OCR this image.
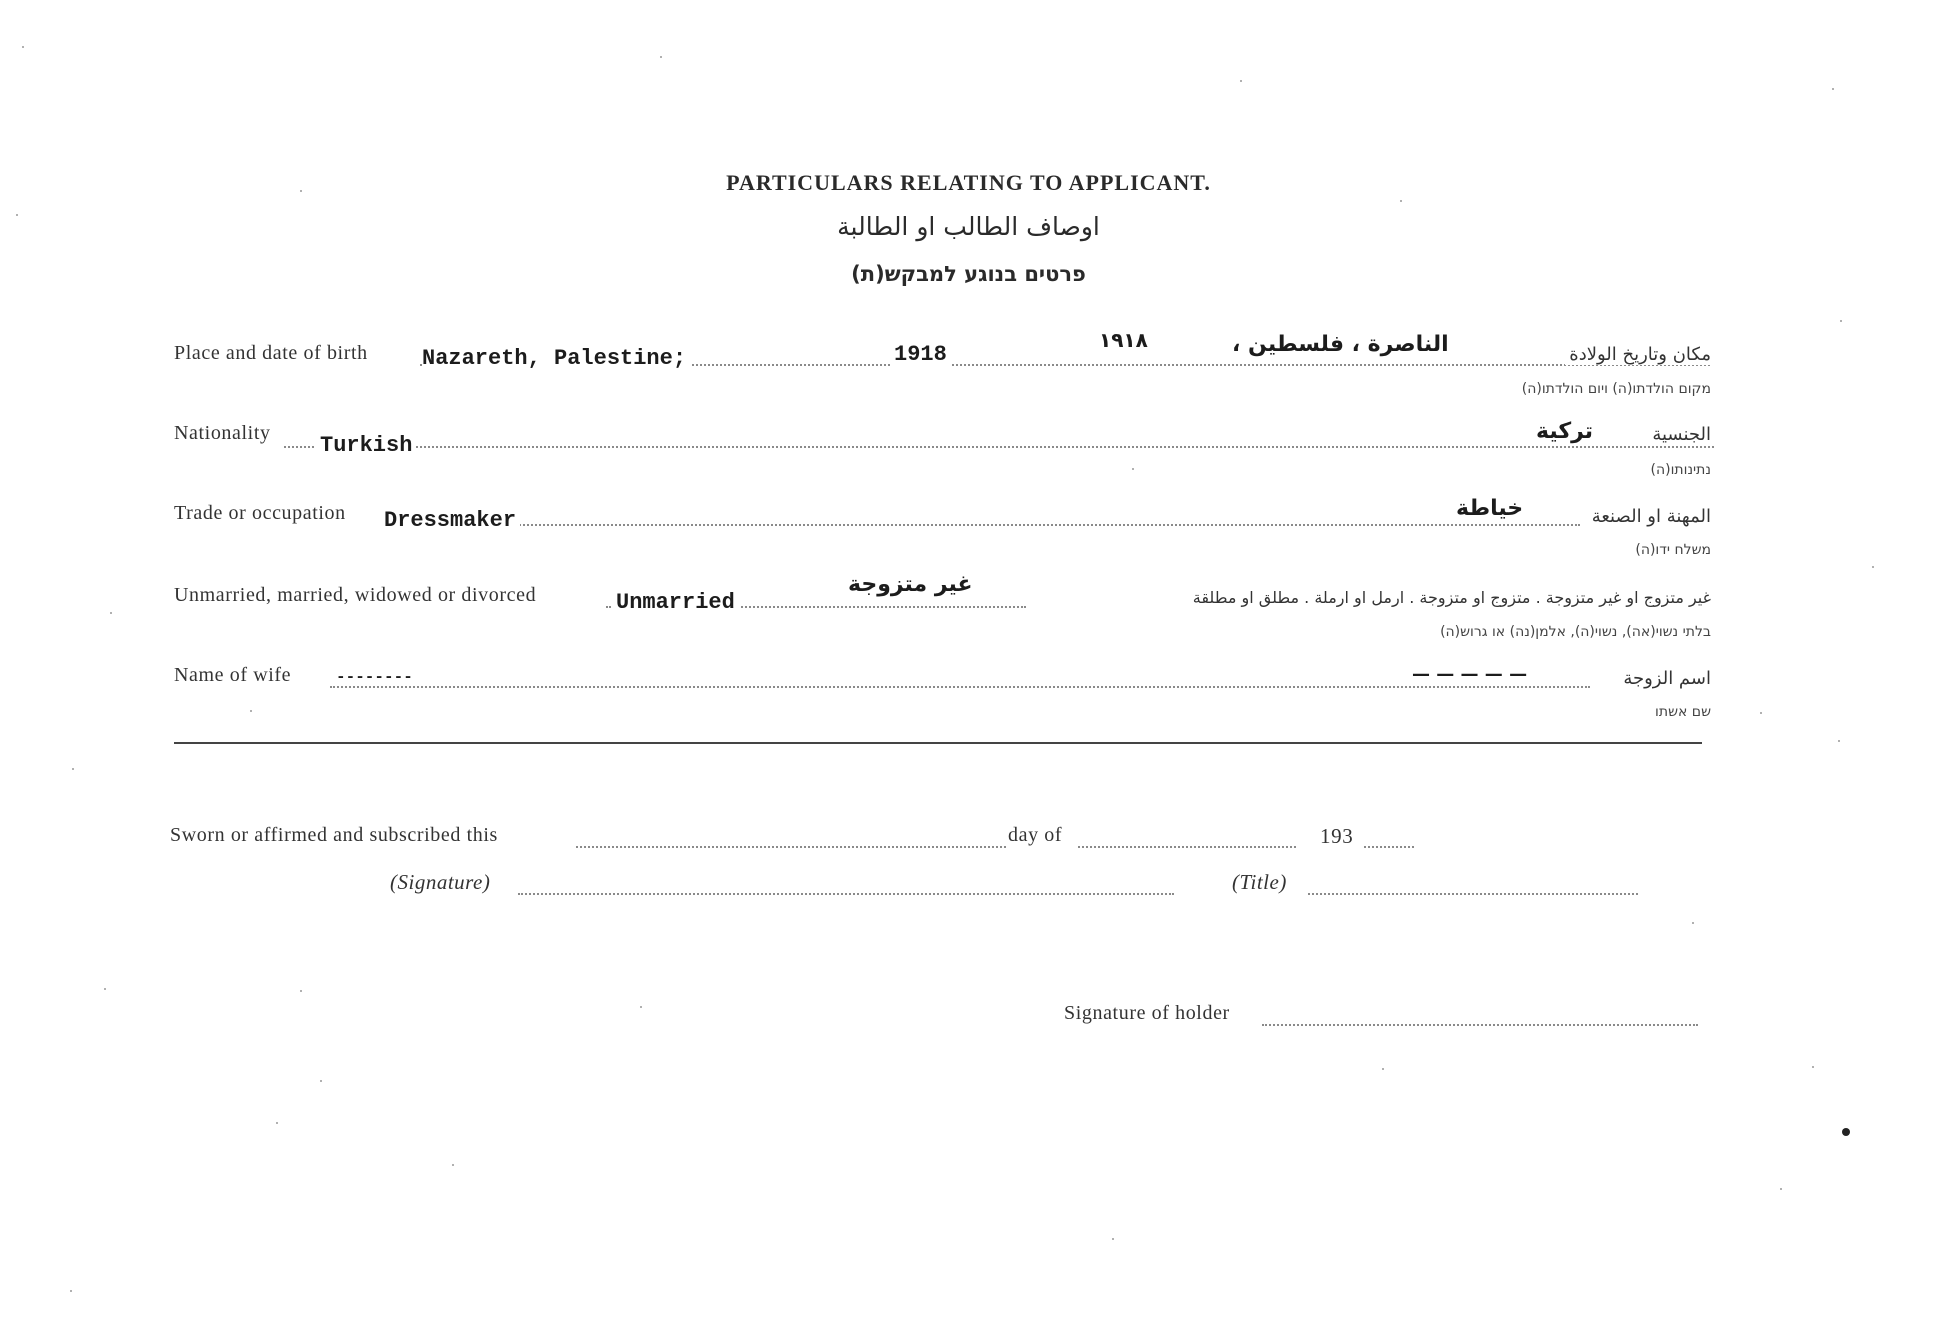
PARTICULARS RELATING TO APPLICANT.
اوصاف الطالب او الطالبة
פרטים בנוגע למבקש(ת)
Place and date of birth Nazareth, Palestine;	1918
١٩١٨	الناصرة ، فلسطين ،	مكان وتاريخ الولادة
מקום הולדתו(ה) ויום הולדתו(ה)
Nationality Turkish
تركية	الجنسية
נתינותו(ה)
Trade or occupation Dressmaker	خياطة	المهنة او الصنعة
משלח ידו(ה)
Unmarried, married, widowed or divorced	Unmarried
غير متزوجة
غير متزوج او غير متزوجة . متزوج او متزوجة . ارمل او ارملة . مطلق او مطلقة
בלתי נשוי(אה), נשוי(ה), אלמן(נה) או גרוש(ה)
Name of wife	--------	— — — — —	اسم الزوجة
שם אשתו
Sworn or affirmed and subscribed this	day of	193
(Signature)	(Title)
Signature of holder
